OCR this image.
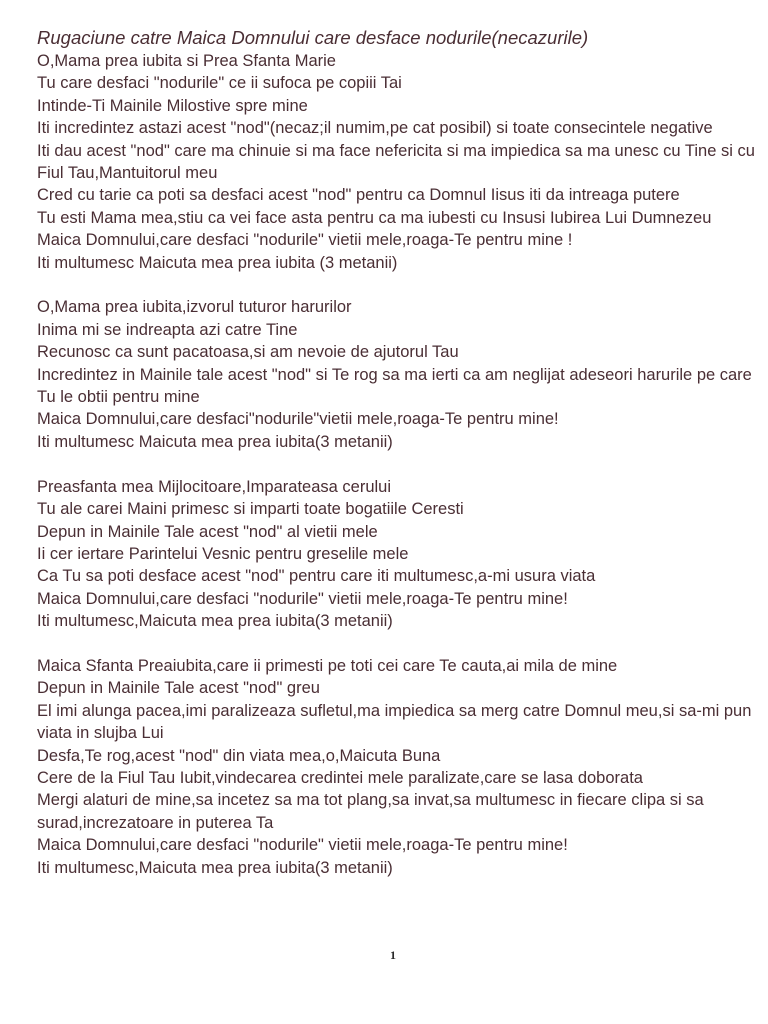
Rugaciune catre Maica Domnului care desface nodurile(necazurile)
O,Mama prea iubita si Prea Sfanta Marie
Tu care desfaci "nodurile" ce ii sufoca pe copiii Tai
Intinde-Ti Mainile Milostive spre mine
Iti incredintez astazi acest "nod"(necaz;il numim,pe cat posibil) si toate consecintele negative
Iti dau acest "nod" care ma chinuie si ma face nefericita si ma impiedica sa ma unesc cu Tine si cu Fiul Tau,Mantuitorul meu
Cred cu tarie ca poti sa desfaci acest "nod" pentru ca Domnul Iisus iti da intreaga putere
Tu esti Mama mea,stiu ca vei face asta pentru ca ma iubesti cu Insusi Iubirea Lui Dumnezeu
Maica Domnului,care desfaci "nodurile" vietii mele,roaga-Te pentru mine !
Iti multumesc Maicuta mea prea iubita (3 metanii)
O,Mama prea iubita,izvorul tuturor harurilor
Inima mi se indreapta azi catre Tine
Recunosc ca sunt pacatoasa,si am nevoie de ajutorul Tau
Incredintez in Mainile tale acest "nod" si Te rog sa ma ierti ca am neglijat adeseori harurile pe care Tu le obtii pentru mine
Maica Domnului,care desfaci"nodurile"vietii mele,roaga-Te pentru mine!
Iti multumesc Maicuta mea prea iubita(3 metanii)
Preasfanta mea Mijlocitoare,Imparateasa cerului
Tu ale carei Maini primesc si imparti toate bogatiile Ceresti
Depun in Mainile Tale acest "nod" al vietii mele
Ii cer iertare Parintelui Vesnic pentru greselile mele
Ca Tu sa poti desface acest "nod" pentru care iti multumesc,a-mi usura viata
Maica Domnului,care desfaci "nodurile" vietii mele,roaga-Te pentru mine!
Iti multumesc,Maicuta mea prea iubita(3 metanii)
Maica Sfanta Preaiubita,care ii primesti pe toti cei care Te cauta,ai mila de mine
Depun in Mainile Tale acest "nod" greu
El imi alunga pacea,imi paralizeaza sufletul,ma impiedica sa merg catre Domnul meu,si sa-mi pun viata in slujba Lui
Desfa,Te rog,acest "nod" din viata mea,o,Maicuta Buna
Cere de la Fiul Tau Iubit,vindecarea credintei mele paralizate,care se lasa doborata
Mergi alaturi de mine,sa incetez sa ma tot plang,sa invat,sa multumesc in fiecare clipa si sa surad,increzatoare in puterea Ta
Maica Domnului,care desfaci "nodurile" vietii mele,roaga-Te pentru mine!
Iti multumesc,Maicuta mea prea iubita(3 metanii)
1
